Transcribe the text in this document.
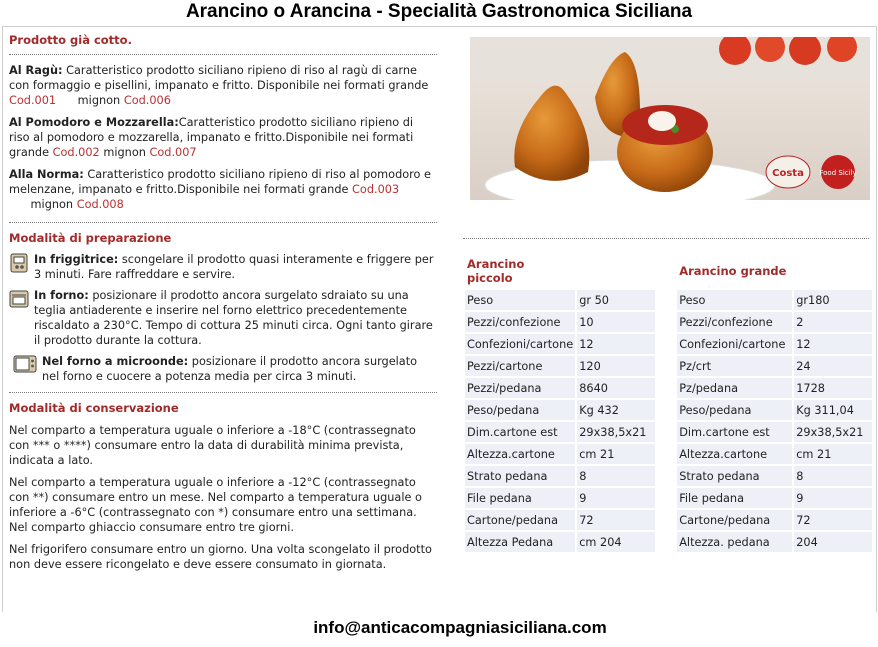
Arancino o Arancina - Specialità Gastronomica Siciliana
Prodotto già cotto.

Al Ragù: Caratteristico prodotto siciliano ripieno di riso al ragù di carne con formaggio e pisellini, impanato e fritto. Disponibile nei formati grande Cod.001      mignon Cod.006

Al Pomodoro e Mozzarella:Caratteristico prodotto siciliano ripieno di riso al pomodoro e mozzarella, impanato e fritto.Disponibile nei formati grande Cod.002 mignon Cod.007

Alla Norma: Caratteristico prodotto siciliano ripieno di riso al pomodoro e melenzane, impanato e fritto.Disponibile nei formati grande Cod.003      mignon Cod.008

Modalità di preparazione
In friggitrice: scongelare il prodotto quasi interamente e friggere per 3 minuti. Fare raffreddare e servire.
In forno: posizionare il prodotto ancora surgelato sdraiato su una teglia antiaderente e inserire nel forno elettrico precedentemente riscaldato a 230°C. Tempo di cottura 25 minuti circa. Ogni tanto girare il prodotto durante la cottura.
Nel forno a microonde: posizionare il prodotto ancora surgelato nel forno e cuocere a potenza media per circa 3 minuti.
Modalità di conservazione

Nel comparto a temperatura uguale o inferiore a -18°C (contrassegnato con *** o ****) consumare entro la data di durabilità minima prevista, indicata a lato.

Nel comparto a temperatura uguale o inferiore a -12°C (contrassegnato con **) consumare entro un mese. Nel comparto a temperatura uguale o inferiore a -6°C (contrassegnato con *) consumare entro una settimana. Nel comparto ghiaccio consumare entro tre giorni.

Nel frigorifero consumare entro un giorno. Una volta scongelato il prodotto non deve essere ricongelato e deve essere consumato in giornata.

Costa Food Sicily
Arancino piccolo			Arancino grande	
Peso	gr 50		Peso	gr180
Pezzi/confezione	10		Pezzi/confezione	2
Confezioni/cartone	12		Confezioni/cartone	12
Pezzi/cartone	120		Pz/crt	24
Pezzi/pedana	8640		Pz/pedana	1728
Peso/pedana	Kg 432		Peso/pedana	Kg 311,04
Dim.cartone est	29x38,5x21		Dim.cartone est	29x38,5x21
Altezza.cartone	cm 21		Altezza.cartone	cm 21
Strato pedana	8		Strato pedana	8
File pedana	9		File pedana	9
Cartone/pedana	72		Cartone/pedana	72
Altezza Pedana	cm 204		Altezza. pedana	204
info@anticacompagniasiciliana.com
